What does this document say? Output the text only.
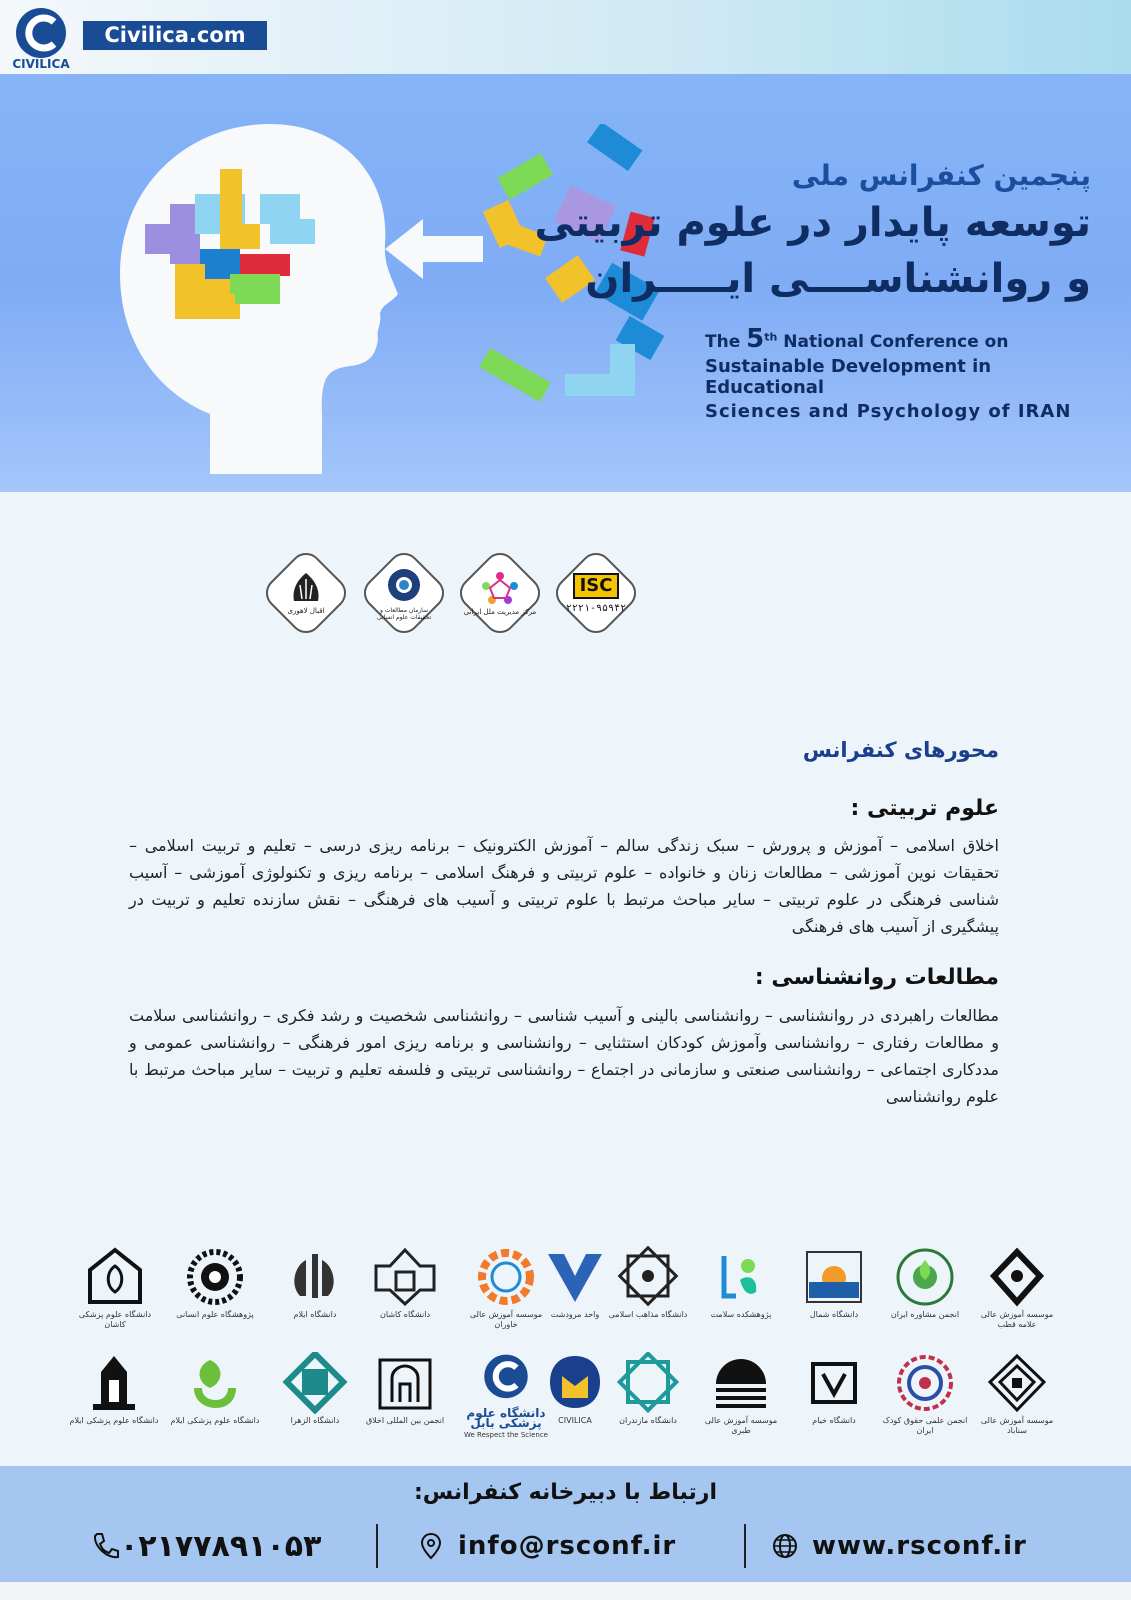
CIVILICA
Civilica.com
پنجمین کنفرانس ملی
توسعه پایدار در علوم تربیتی
و روانشناســــی ایـــــران
The 5th National Conference on
Sustainable Development in Educational
Sciences and Psychology of IRAN
اقبال لاهوری	سازمان مطالعات و تحقیقات علوم انسانی
مرکز مدیریت ملل ایرانی
ISC
۲۲۲۱-۹۵۹۴۲
محورهای کنفرانس
علوم تربیتی :
اخلاق اسلامی – آموزش و پرورش – سبک زندگی سالم – آموزش الکترونیک – برنامه ریزی درسی – تعلیم و تربیت اسلامی – تحقیقات نوین آموزشی – مطالعات زنان و خانواده – علوم تربیتی و فرهنگ اسلامی – برنامه ریزی و تکنولوژی آموزشی – آسیب شناسی فرهنگی در علوم تربیتی – سایر مباحث مرتبط با علوم تربیتی و آسیب های فرهنگی – نقش سازنده تعلیم و تربیت در پیشگیری از آسیب های فرهنگی
مطالعات روانشناسی :
مطالعات راهبردی در روانشناسی – روانشناسی بالینی و آسیب شناسی – روانشناسی شخصیت و رشد فکری – روانشناسی سلامت و مطالعات رفتاری – روانشناسی وآموزش کودکان استثنایی – روانشناسی و برنامه ریزی امور فرهنگی – روانشناسی عمومی و مددکاری اجتماعی – روانشناسی صنعتی و سازمانی در اجتماع – روانشناسی تربیتی و فلسفه تعلیم و تربیت – سایر مباحث مرتبط با علوم روانشناسی
موسسه آموزش عالی علامه قطب
انجمن مشاوره ایران
دانشگاه شمال
پژوهشکده سلامت
دانشگاه مذاهب اسلامی
واحد مرودشت
موسسه آموزش عالی خاوران
دانشگاه کاشان
دانشگاه ایلام
پژوهشگاه علوم انسانی
دانشگاه علوم پزشکی کاشان
موسسه آموزش عالی سناباد
انجمن علمی حقوق کودک ایران
دانشگاه خیام
موسسه آموزش عالی طبری
دانشگاه مازندران
CIVILICA
دانشگاه علوم پزشکی بابل
We Respect the Science
انجمن بین المللی اخلاق
دانشگاه الزهرا
دانشگاه علوم پزشکی ایلام
دانشگاه علوم پزشکی ایلام
ارتباط با دبیرخانه کنفرانس:
۰۲۱۷۷۸۹۱۰۵۳	info@rsconf.ir	www.rsconf.ir
